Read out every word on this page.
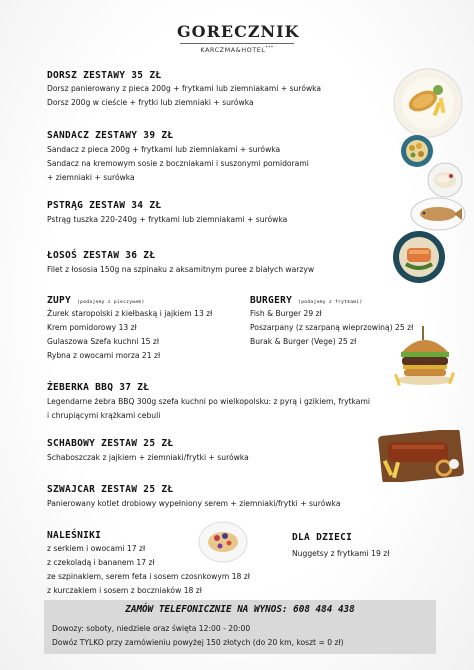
GORECZNIK
KARCZMA&HOTEL***
DORSZ ZESTAWY 35 ZŁ
Dorsz panierowany z pieca 200g + frytkami lub ziemniakami + surówka
Dorsz 200g w cieście + frytki lub ziemniaki + surówka
SANDACZ ZESTAWY 39 ZŁ
Sandacz z pieca 200g + frytkami lub ziemniakami + surówka
Sandacz na kremowym sosie z boczniakami i suszonymi pomidorami
+ ziemniaki + surówka
PSTRĄG ZESTAW 34 ZŁ
Pstrąg tuszka 220-240g + frytkami lub ziemniakami + surówka
ŁOSOŚ ZESTAW 36 ZŁ
Filet z łososia 150g na szpinaku z aksamitnym puree z białych warzyw
ZUPY (podajemy z pieczywem)
Żurek staropolski z kiełbaską i jajkiem 13 zł
Krem pomidorowy 13 zł
Gulaszowa Szefa kuchni 15 zł
Rybna z owocami morza 21 zł
BURGERY (podajemy z frytkami)
Fish & Burger 29 zł
Poszarpany (z szarpaną wieprzowiną) 25 zł
Burak & Burger (Vege) 25 zł
ŻEBERKA BBQ 37 ZŁ
Legendarne żebra BBQ 300g szefa kuchni po wielkopolsku: z pyrą i gzikiem, frytkami
i chrupiącymi krążkami cebuli
SCHABOWY ZESTAW 25 ZŁ
Schaboszczak z jajkiem + ziemniaki/frytki + surówka
SZWAJCAR ZESTAW 25 ZŁ
Panierowany kotlet drobiowy wypełniony serem + ziemniaki/frytki + surówka
NALEŚNIKI
z serkiem i owocami 17 zł
z czekoladą i bananem 17 zł
ze szpinakiem, serem feta i sosem czosnkowym 18 zł
z kurczakiem i sosem z boczniaków 18 zł
DLA DZIECI
Nuggetsy z frytkami 19 zł
ZAMÓW TELEFONICZNIE NA WYNOS: 608 484 438
Dowozy: soboty, niedziele oraz święta 12:00 - 20:00
Dowóz TYLKO przy zamówieniu powyżej 150 złotych (do 20 km, koszt = 0 zł)
